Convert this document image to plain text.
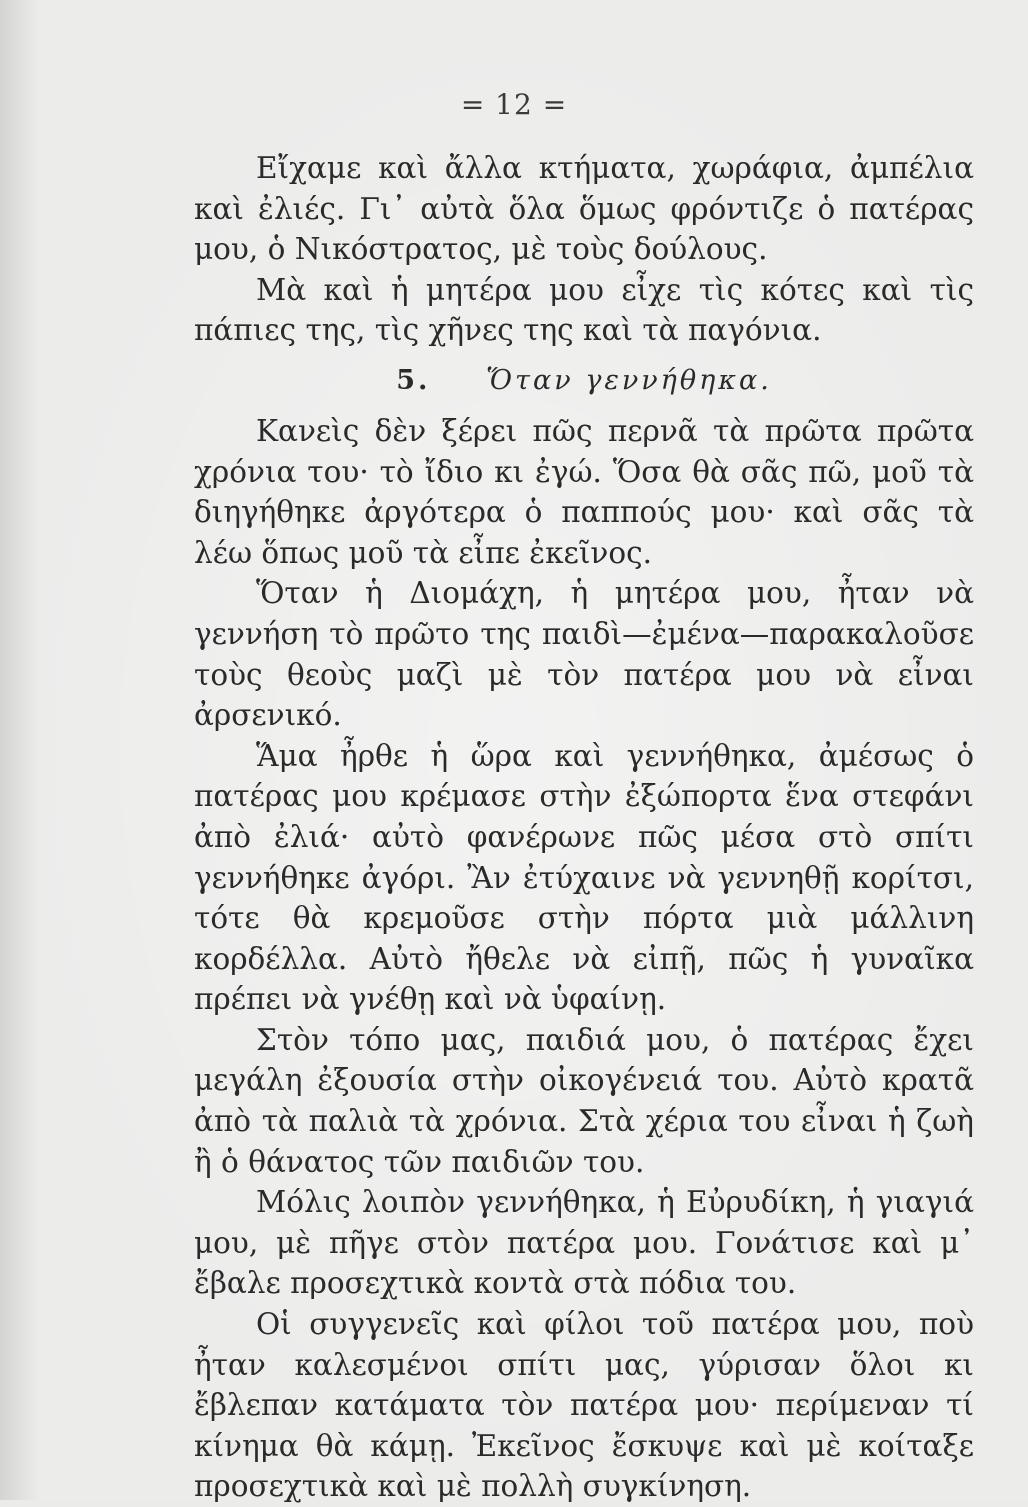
= 12 =

Εἴχαμε καὶ ἄλλα κτήματα, χωράφια, ἀμπέλια καὶ ἐλιές. Γι᾽ αὐτὰ ὅλα ὅμως φρόντιζε ὁ πατέρας μου, ὁ Νικόστρατος, μὲ τοὺς δούλους.

Μὰ καὶ ἡ μητέρα μου εἶχε τὶς κότες καὶ τὶς πάπιες της, τὶς χῆνες της καὶ τὰ παγόνια.

5. Ὅταν γεννήθηκα.

Κανεὶς δὲν ξέρει πῶς περνᾶ τὰ πρῶτα πρῶτα χρόνια του· τὸ ἴδιο κι ἐγώ. Ὅσα θὰ σᾶς πῶ, μοῦ τὰ διηγήθηκε ἀργότερα ὁ παππούς μου· καὶ σᾶς τὰ λέω ὅπως μοῦ τὰ εἶπε ἐκεῖνος.

Ὅταν ἡ Διομάχη, ἡ μητέρα μου, ἦταν νὰ γεννήση τὸ πρῶτο της παιδὶ—ἐμένα—παρακαλοῦσε τοὺς θεοὺς μαζὶ μὲ τὸν πατέρα μου νὰ εἶναι ἀρσενικό.

Ἅμα ἦρθε ἡ ὥρα καὶ γεννήθηκα, ἀμέσως ὁ πατέρας μου κρέμασε στὴν ἐξώπορτα ἕνα στεφάνι ἀπὸ ἐλιά· αὐτὸ φανέρωνε πῶς μέσα στὸ σπίτι γεννήθηκε ἀγόρι. Ἂν ἐτύχαινε νὰ γεννηθῇ κορίτσι, τότε θὰ κρεμοῦσε στὴν πόρτα μιὰ μάλλινη κορδέλλα. Αὐτὸ ἤθελε νὰ εἰπῇ, πῶς ἡ γυναῖκα πρέπει νὰ γνέθῃ καὶ νὰ ὑφαίνῃ.

Στὸν τόπο μας, παιδιά μου, ὁ πατέρας ἔχει μεγάλη ἐξουσία στὴν οἰκογένειά του. Αὐτὸ κρατᾶ ἀπὸ τὰ παλιὰ τὰ χρόνια. Στὰ χέρια του εἶναι ἡ ζωὴ ἢ ὁ θάνατος τῶν παιδιῶν του.

Μόλις λοιπὸν γεννήθηκα, ἡ Εὐρυδίκη, ἡ γιαγιά μου, μὲ πῆγε στὸν πατέρα μου. Γονάτισε καὶ μ᾽ ἔβαλε προσεχτικὰ κοντὰ στὰ πόδια του.

Οἱ συγγενεῖς καὶ φίλοι τοῦ πατέρα μου, ποὺ ἦταν καλεσμένοι σπίτι μας, γύρισαν ὅλοι κι ἔβλεπαν κατάματα τὸν πατέρα μου· περίμεναν τί κίνημα θὰ κάμῃ. Ἐκεῖνος ἔσκυψε καὶ μὲ κοίταξε προσεχτικὰ καὶ μὲ πολλὴ συγκίνηση.
